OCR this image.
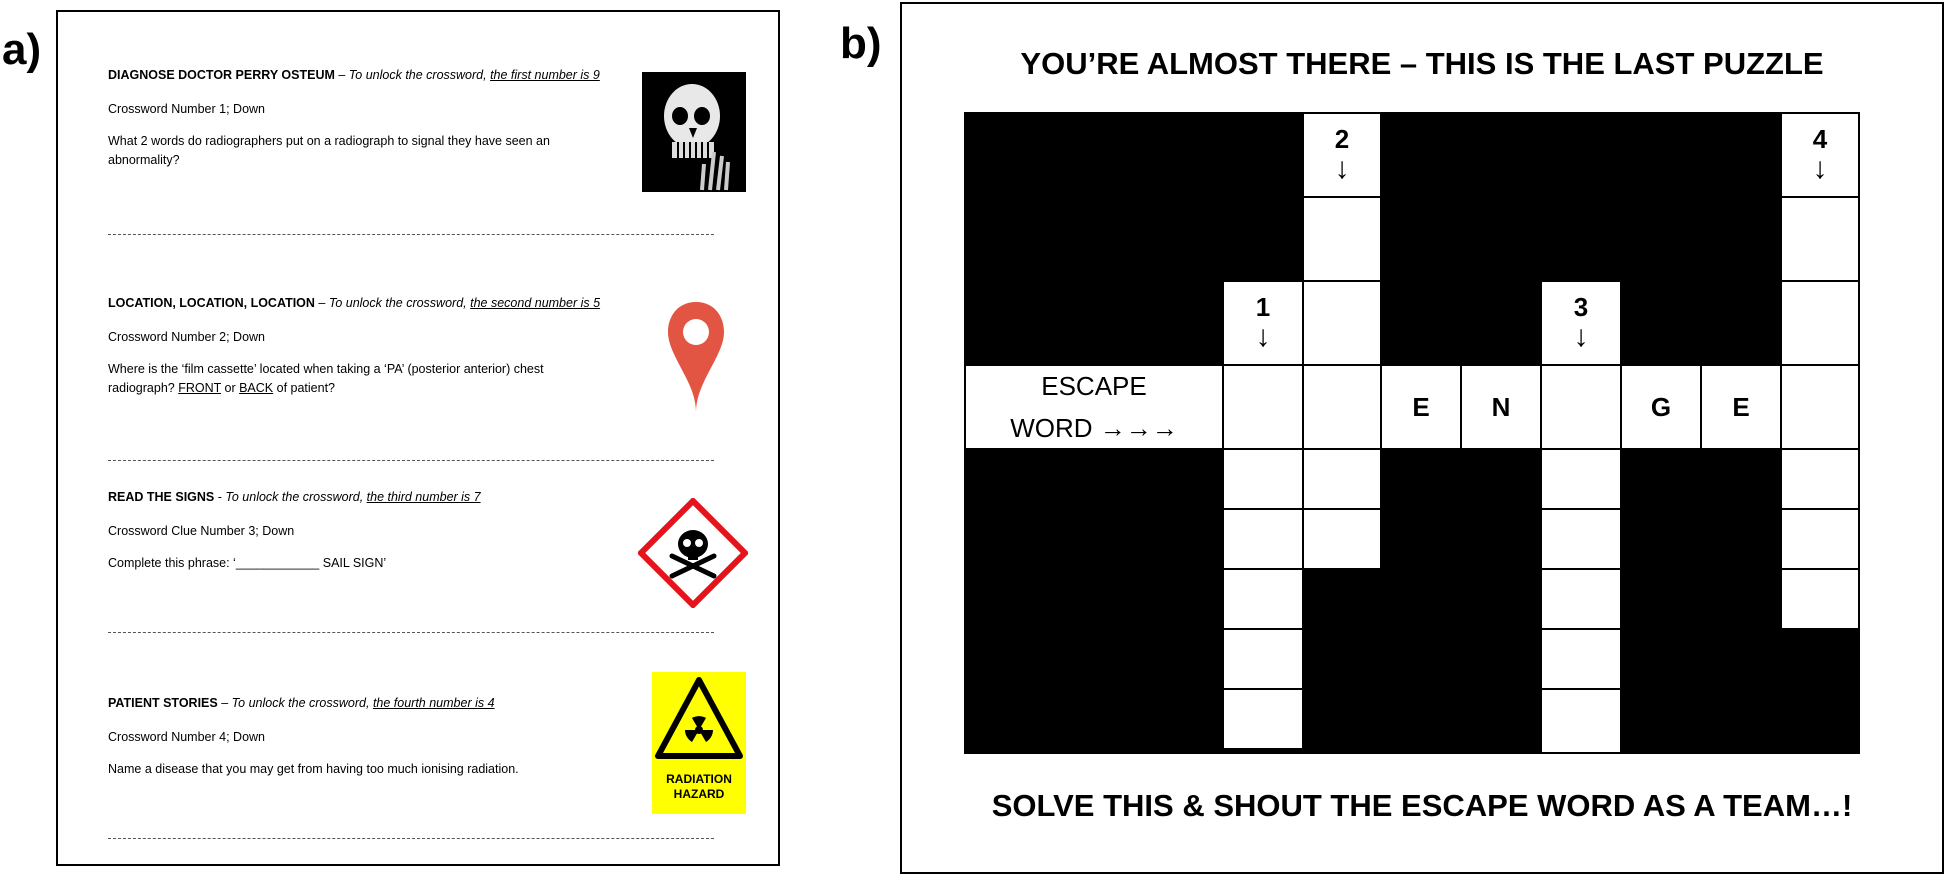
a)	b)
DIAGNOSE DOCTOR PERRY OSTEUM – To unlock the crossword, the first number is 9
Crossword Number 1; Down
What 2 words do radiographers put on a radiograph to signal they have seen an
abnormality?
LOCATION, LOCATION, LOCATION – To unlock the crossword, the second number is 5
Crossword Number 2; Down
Where is the ‘film cassette’ located when taking a ‘PA’ (posterior anterior) chest
radiograph? FRONT or BACK of patient?
READ THE SIGNS - To unlock the crossword, the third number is 7
Crossword Clue Number 3; Down
Complete this phrase: ‘____________ SAIL SIGN’
PATIENT STORIES – To unlock the crossword, the fourth number is 4
Crossword Number 4; Down
Name a disease that you may get from having too much ionising radiation.
RADIATION
HAZARD
YOU’RE ALMOST THERE – THIS IS THE LAST PUZZLE
ESCAPE
WORD →→→
2
↓
1
↓
E N	G E
3
↓
4
↓
SOLVE THIS & SHOUT THE ESCAPE WORD AS A TEAM…!
